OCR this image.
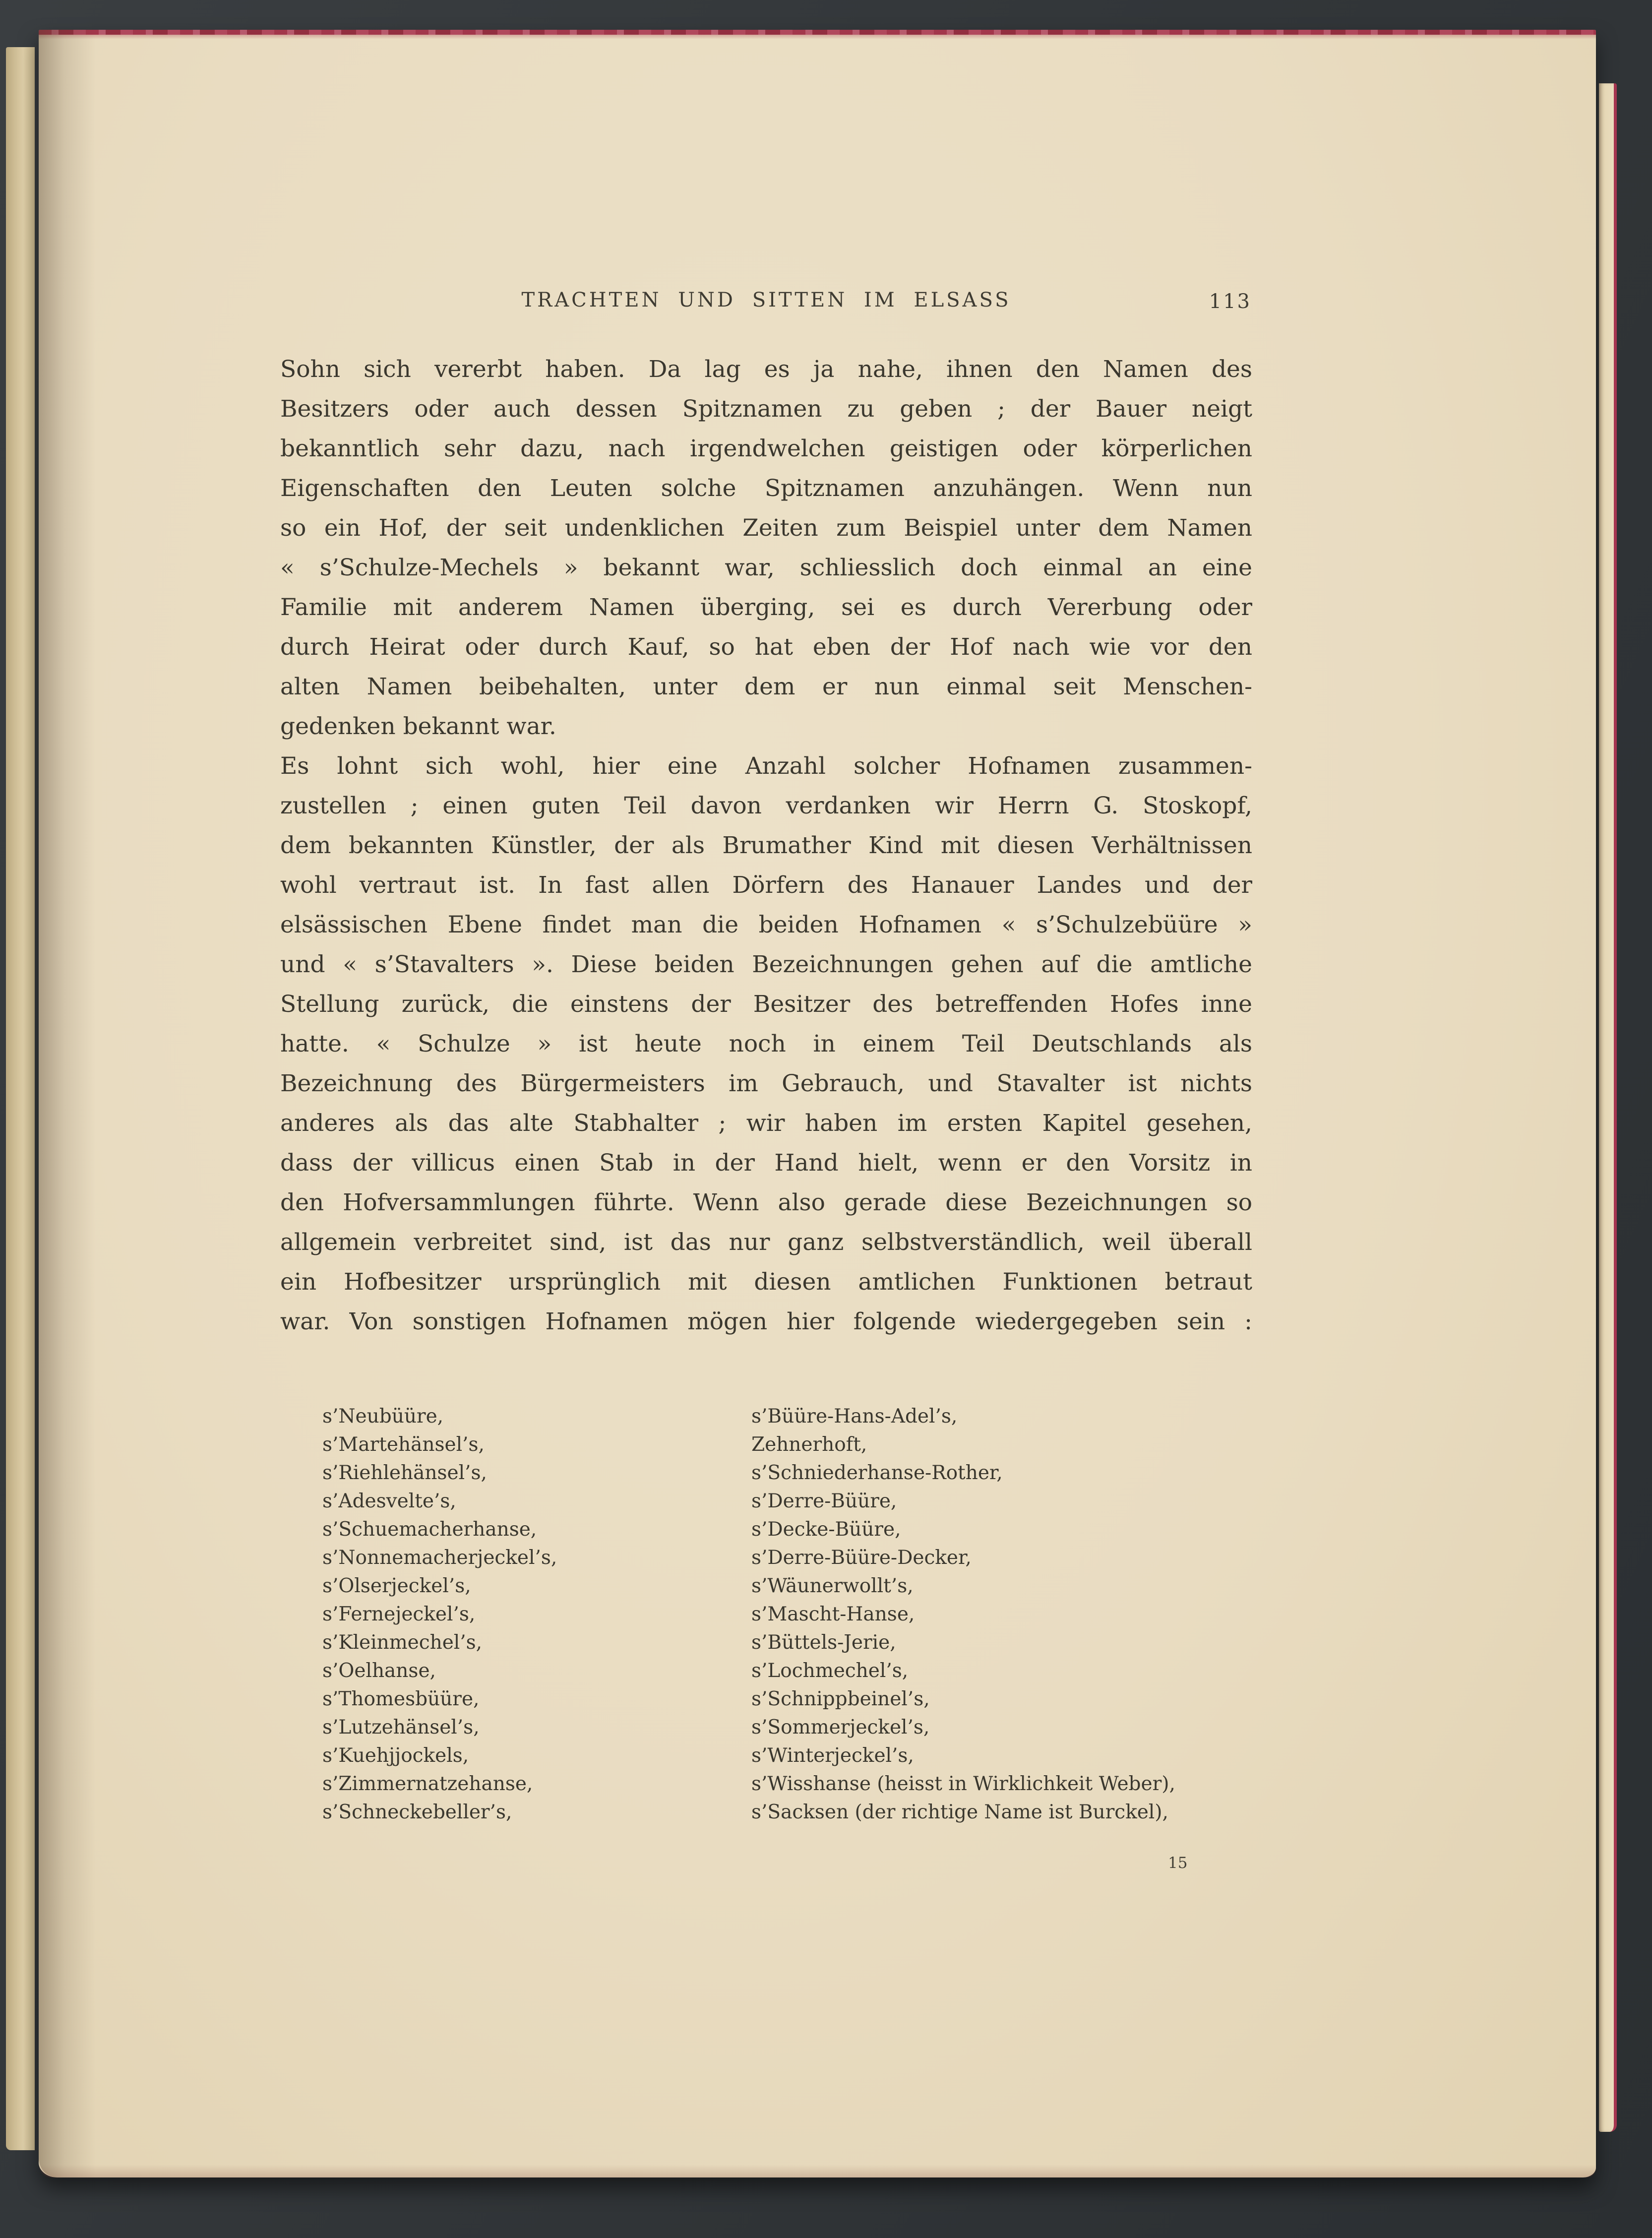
TRACHTEN UND SITTEN IM ELSASS	113
Sohn sich vererbt haben. Da lag es ja nahe, ihnen den Namen des
Besitzers oder auch dessen Spitznamen zu geben ; der Bauer neigt
bekanntlich sehr dazu, nach irgendwelchen geistigen oder körperlichen
Eigenschaften den Leuten solche Spitznamen anzuhängen. Wenn nun
so ein Hof, der seit undenklichen Zeiten zum Beispiel unter dem Namen
« s’Schulze-Mechels » bekannt war, schliesslich doch einmal an eine
Familie mit anderem Namen überging, sei es durch Vererbung oder
durch Heirat oder durch Kauf, so hat eben der Hof nach wie vor den
alten Namen beibehalten, unter dem er nun einmal seit Menschen-
gedenken bekannt war.
Es lohnt sich wohl, hier eine Anzahl solcher Hofnamen zusammen-
zustellen ; einen guten Teil davon verdanken wir Herrn G. Stoskopf,
dem bekannten Künstler, der als Brumather Kind mit diesen Verhältnissen
wohl vertraut ist. In fast allen Dörfern des Hanauer Landes und der
elsässischen Ebene findet man die beiden Hofnamen « s’Schulzebüüre »
und « s’Stavalters ». Diese beiden Bezeichnungen gehen auf die amtliche
Stellung zurück, die einstens der Besitzer des betreffenden Hofes inne
hatte. « Schulze » ist heute noch in einem Teil Deutschlands als
Bezeichnung des Bürgermeisters im Gebrauch, und Stavalter ist nichts
anderes als das alte Stabhalter ; wir haben im ersten Kapitel gesehen,
dass der villicus einen Stab in der Hand hielt, wenn er den Vorsitz in
den Hofversammlungen führte. Wenn also gerade diese Bezeichnungen so
allgemein verbreitet sind, ist das nur ganz selbstverständlich, weil überall
ein Hofbesitzer ursprünglich mit diesen amtlichen Funktionen betraut
war. Von sonstigen Hofnamen mögen hier folgende wiedergegeben sein :
s’Neubüüre,
s’Martehänsel’s,
s’Riehlehänsel’s,
s’Adesvelte’s,
s’Schuemacherhanse,
s’Nonnemacherjeckel’s,
s’Olserjeckel’s,
s’Fernejeckel’s,
s’Kleinmechel’s,
s’Oelhanse,
s’Thomesbüüre,
s’Lutzehänsel’s,
s’Kuehjjockels,
s’Zimmernatzehanse,
s’Schneckebeller’s,
s’Büüre-Hans-Adel’s,
Zehnerhoft,
s’Schniederhanse-Rother,
s’Derre-Büüre,
s’Decke-Büüre,
s’Derre-Büüre-Decker,
s’Wäunerwollt’s,
s’Mascht-Hanse,
s’Büttels-Jerie,
s’Lochmechel’s,
s’Schnippbeinel’s,
s’Sommerjeckel’s,
s’Winterjeckel’s,
s’Wisshanse (heisst in Wirklichkeit Weber),
s’Sacksen (der richtige Name ist Burckel),
15
